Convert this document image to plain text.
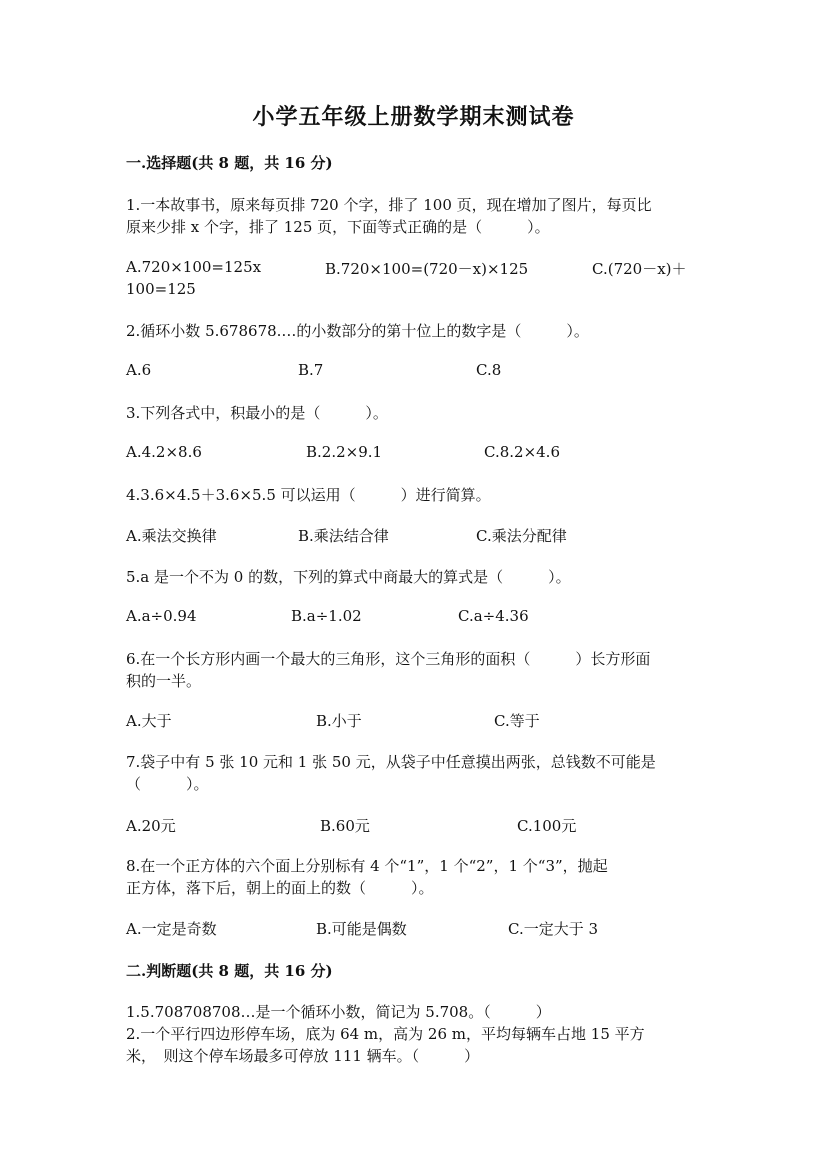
小学五年级上册数学期末测试卷
一.选择题(共 8 题，共 16 分)
1.一本故事书，原来每页排 720 个字，排了 100 页，现在增加了图片，每页比
原来少排 x 个字，排了 125 页，下面等式正确的是（　　　）。
A.720×100=125x	B.720×100=(720－x)×125	C.(720－x)＋
100=125
2.循环小数 5.678678.…的小数部分的第十位上的数字是（　　　）。
A.6	B.7	C.8
3.下列各式中，积最小的是（　　　）。
A.4.2×8.6	B.2.2×9.1	C.8.2×4.6
4.3.6×4.5＋3.6×5.5 可以运用（　　　）进行简算。
A.乘法交换律	B.乘法结合律	C.乘法分配律
5.a 是一个不为 0 的数，下列的算式中商最大的算式是（　　　）。
A.a÷0.94	B.a÷1.02	C.a÷4.36
6.在一个长方形内画一个最大的三角形，这个三角形的面积（　　　）长方形面
积的一半。
A.大于	B.小于	C.等于
7.袋子中有 5 张 10 元和 1 张 50 元，从袋子中任意摸出两张，总钱数不可能是
（　　　）。
A.20元	B.60元	C.100元
8.在一个正方体的六个面上分别标有 4 个“1”，1 个“2”，1 个“3”，抛起
正方体，落下后，朝上的面上的数（　　　）。
A.一定是奇数	B.可能是偶数	C.一定大于 3
二.判断题(共 8 题，共 16 分)
1.5.708708708…是一个循环小数，简记为 5.708。（　　　）
2.一个平行四边形停车场，底为 64 m，高为 26 m，平均每辆车占地 15 平方
米，　则这个停车场最多可停放 111 辆车。（　　　）
